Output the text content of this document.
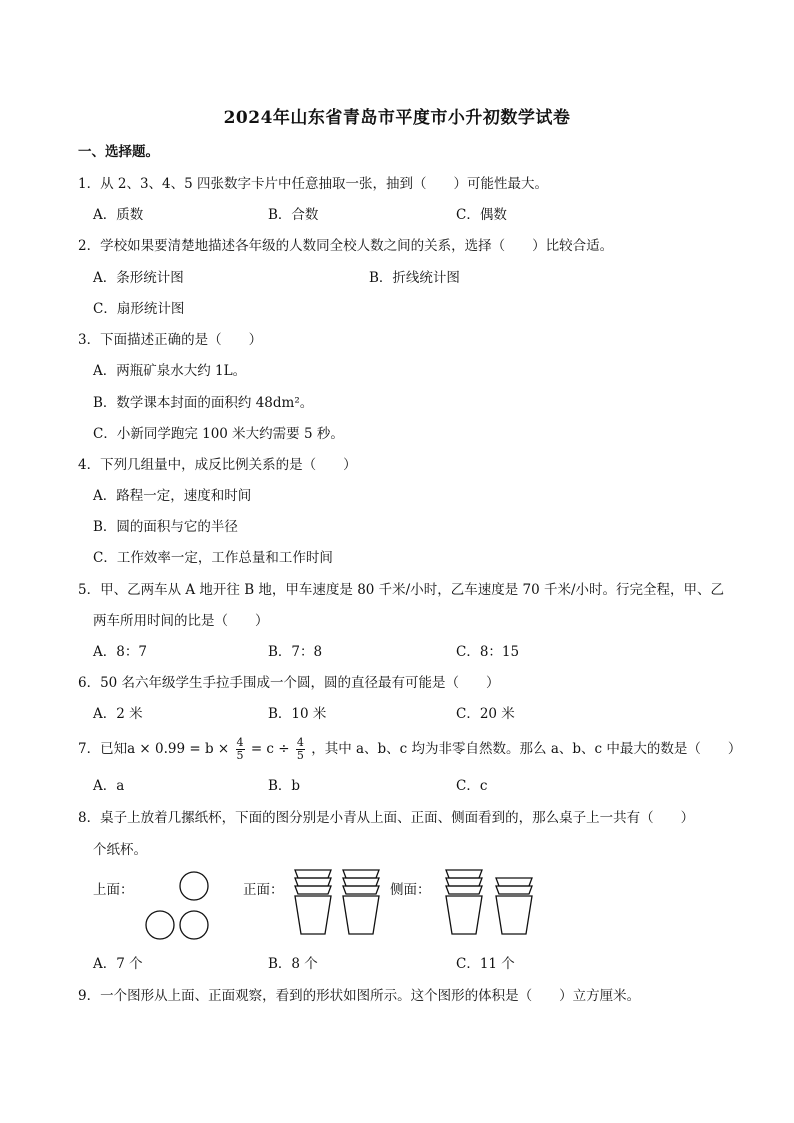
2024年山东省青岛市平度市小升初数学试卷
一、选择题。
1．从 2、3、4、5 四张数字卡片中任意抽取一张，抽到（　　）可能性最大。
A．质数	B．合数	C．偶数
2．学校如果要清楚地描述各年级的人数同全校人数之间的关系，选择（　　）比较合适。
A．条形统计图	B．折线统计图
C．扇形统计图
3．下面描述正确的是（　　）
A．两瓶矿泉水大约 1L。
B．数学课本封面的面积约 48dm²。
C．小新同学跑完 100 米大约需要 5 秒。
4．下列几组量中，成反比例关系的是（　　）
A．路程一定，速度和时间
B．圆的面积与它的半径
C．工作效率一定，工作总量和工作时间
5．甲、乙两车从 A 地开往 B 地，甲车速度是 80 千米/小时，乙车速度是 70 千米/小时。行完全程，甲、乙
两车所用时间的比是（　　）
A．8：7	B．7：8	C．8：15
6．50 名六年级学生手拉手围成一个圆，圆的直径最有可能是（　　）
A．2 米	B．10 米	C．20 米
7．已知$a \times 0.99 = b \times \frac{4}{5} = c \div \frac{4}{5}$ ，其中 a、b、c 均为非零自然数。那么 a、b、c 中最大的数是（　　）
A．a	B．b	C．c
8．桌子上放着几摞纸杯，下面的图分别是小青从上面、正面、侧面看到的，那么桌子上一共有（　　）
个纸杯。
上面：	正面：	侧面：
A．7 个	B．8 个	C．11 个
9．一个图形从上面、正面观察，看到的形状如图所示。这个图形的体积是（　　）立方厘米。
